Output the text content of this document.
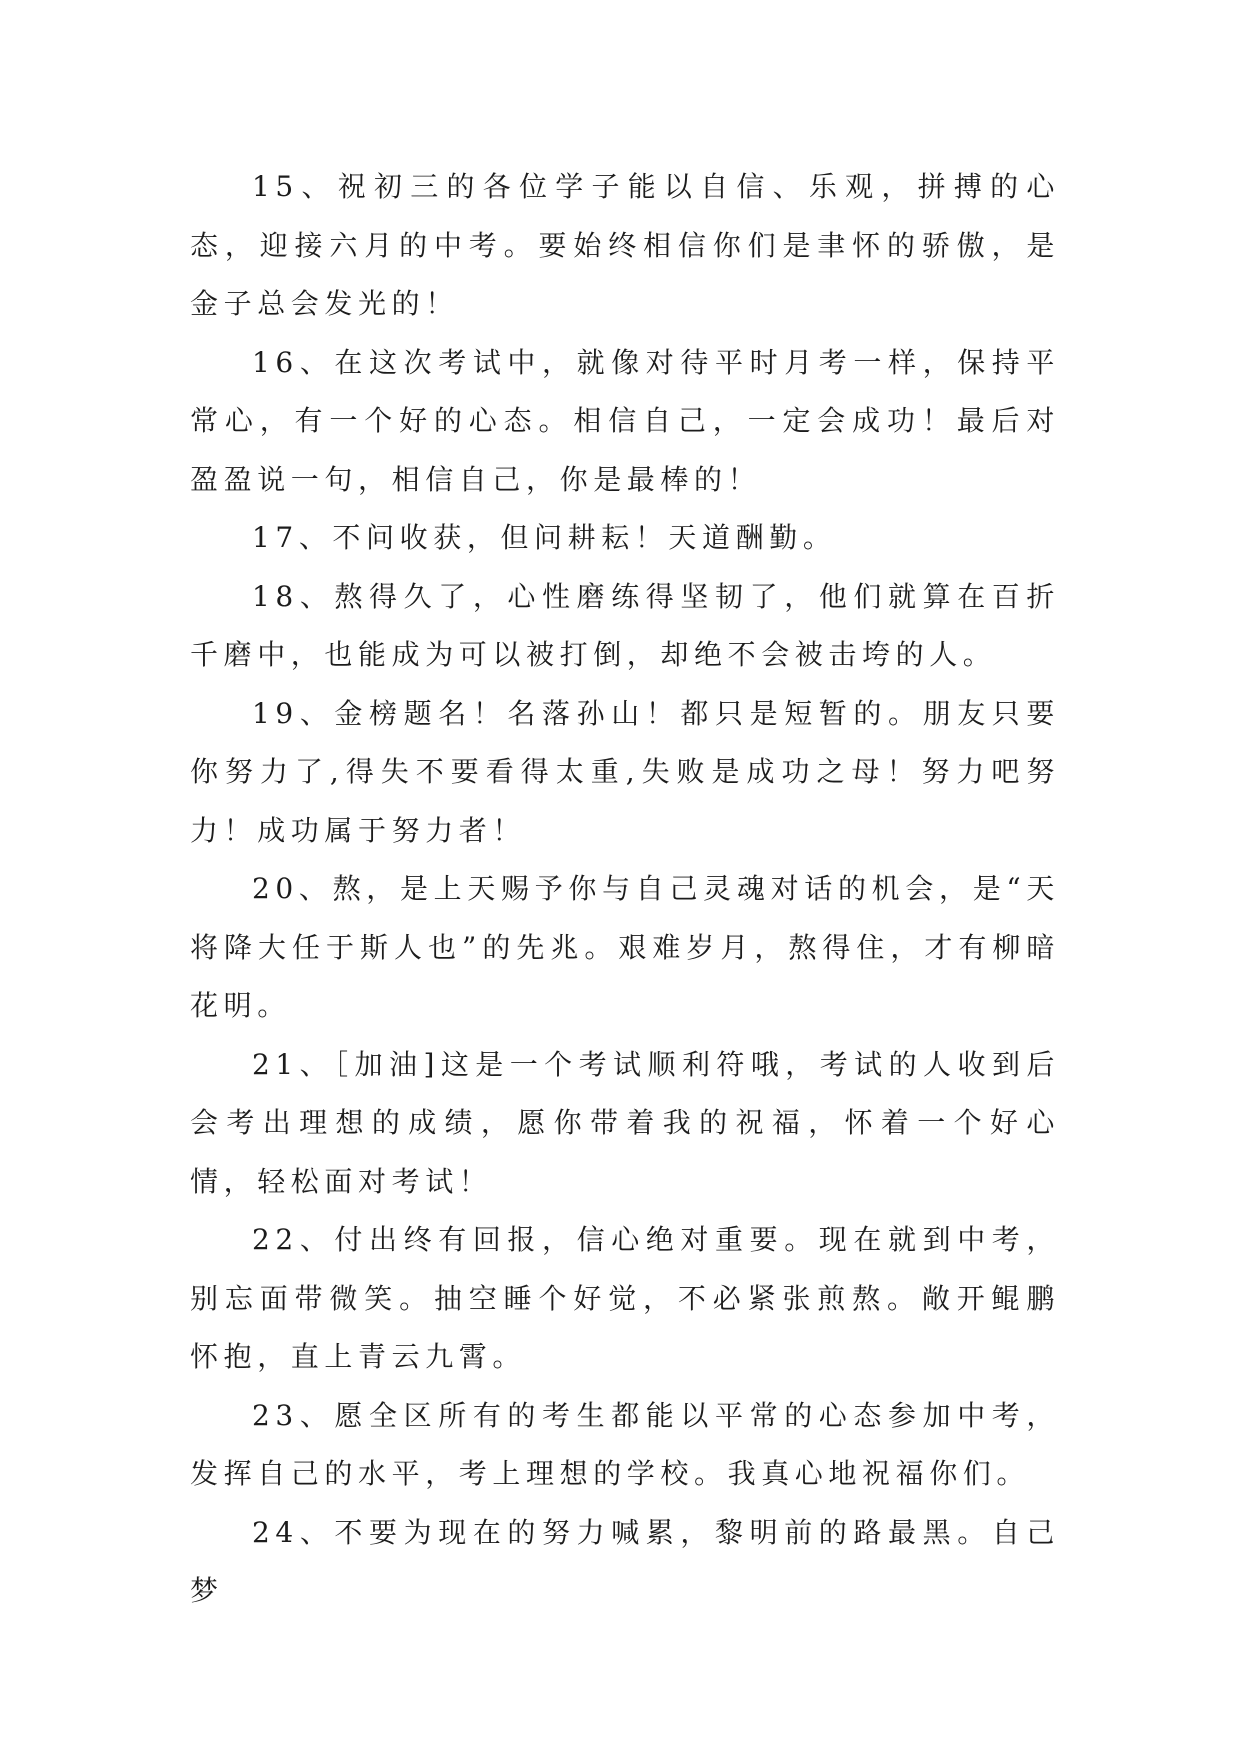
15、祝初三的各位学子能以自信、乐观，拼搏的心态，迎接六月的中考。要始终相信你们是聿怀的骄傲，是金子总会发光的！

16、在这次考试中，就像对待平时月考一样，保持平常心，有一个好的心态。相信自己，一定会成功！最后对盈盈说一句，相信自己，你是最棒的！

17、不问收获，但问耕耘！天道酬勤。

18、熬得久了，心性磨练得坚韧了，他们就算在百折千磨中，也能成为可以被打倒，却绝不会被击垮的人。

19、金榜题名！名落孙山！都只是短暂的。朋友只要你努力了,得失不要看得太重,失败是成功之母！努力吧努力！成功属于努力者！

20、熬，是上天赐予你与自己灵魂对话的机会，是“天将降大任于斯人也”的先兆。艰难岁月，熬得住，才有柳暗花明。

21、［加油]这是一个考试顺利符哦，考试的人收到后会考出理想的成绩，愿你带着我的祝福，怀着一个好心情，轻松面对考试！

22、付出终有回报，信心绝对重要。现在就到中考，别忘面带微笑。抽空睡个好觉，不必紧张煎熬。敞开鲲鹏怀抱，直上青云九霄。

23、愿全区所有的考生都能以平常的心态参加中考，发挥自己的水平，考上理想的学校。我真心地祝福你们。

24、不要为现在的努力喊累，黎明前的路最黑。自己梦
